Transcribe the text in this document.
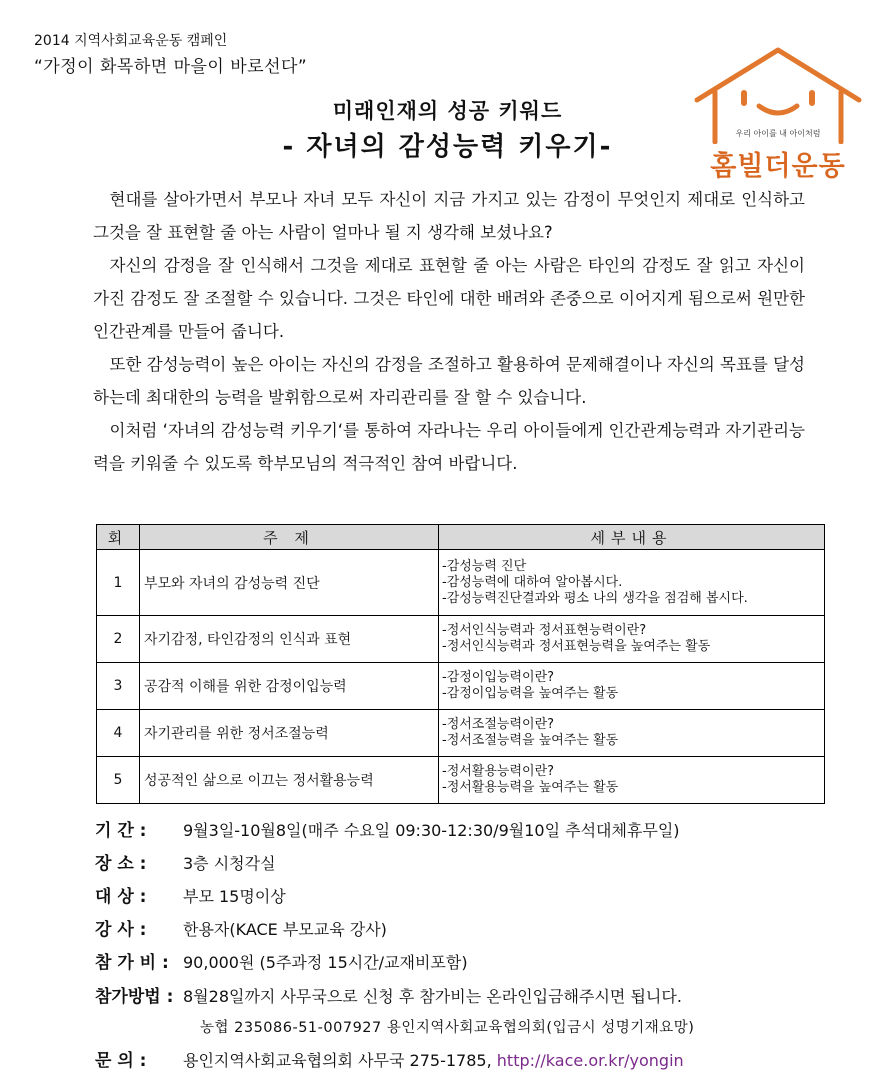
2014 지역사회교육운동 캠페인
“가정이 화목하면 마을이 바로선다”
미래인재의 성공 키워드
- 자녀의 감성능력 키우기-	우리 아이를 내 아이처럼
홈빌더운동

현대를 살아가면서 부모나 자녀 모두 자신이 지금 가지고 있는 감정이 무엇인지 제대로 인식하고 그것을 잘 표현할 줄 아는 사람이 얼마나 될 지 생각해 보셨나요?

자신의 감정을 잘 인식해서 그것을 제대로 표현할 줄 아는 사람은 타인의 감정도 잘 읽고 자신이 가진 감정도 잘 조절할 수 있습니다. 그것은 타인에 대한 배려와 존중으로 이어지게 됨으로써 원만한 인간관계를 만들어 줍니다.

또한 감성능력이 높은 아이는 자신의 감정을 조절하고 활용하여 문제해결이나 자신의 목표를 달성하는데 최대한의 능력을 발휘함으로써 자리관리를 잘 할 수 있습니다.

이처럼 ‘자녀의 감성능력 키우기‘를 통하여 자라나는 우리 아이들에게 인간관계능력과 자기관리능력을 키워줄 수 있도록 학부모님의 적극적인 참여 바랍니다.

회	주 제	세부내용
1	부모와 자녀의 감성능력 진단	-감성능력 진단
-감성능력에 대하여 알아봅시다.
-감성능력진단결과와 평소 나의 생각을 점검해 봅시다.

2	자기감정, 타인감정의 인식과 표현	-정서인식능력과 정서표현능력이란?
-정서인식능력과 정서표현능력을 높여주는 활동

3	공감적 이해를 위한 감정이입능력	-감정이입능력이란?
-감정이입능력을 높여주는 활동

4	자기관리를 위한 정서조절능력	-정서조절능력이란?
-정서조절능력을 높여주는 활동

5	성공적인 삶으로 이끄는 정서활용능력	-정서활용능력이란?
-정서활용능력을 높여주는 활동
기 간 : 9월3일-10월8일(매주 수요일 09:30-12:30/9월10일 추석대체휴무일)
장 소 : 3층 시청각실
대 상 : 부모 15명이상
강 사 : 한용자(KACE 부모교육 강사)
참 가 비 : 90,000원 (5주과정 15시간/교재비포함)
참가방법 : 8월28일까지 사무국으로 신청 후 참가비는 온라인입금해주시면 됩니다.
농협 235086-51-007927 용인지역사회교육협의회(입금시 성명기재요망)
문 의 : 용인지역사회교육협의회 사무국 275-1785, http://kace.or.kr/yongin
